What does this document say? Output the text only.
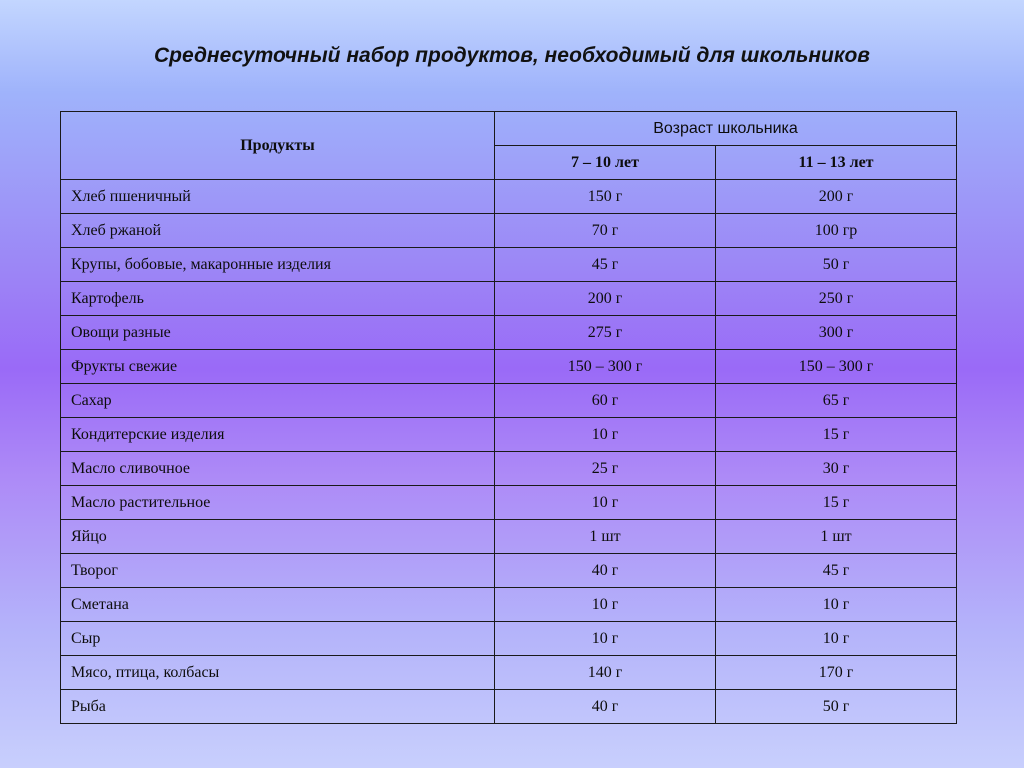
Среднесуточный набор продуктов, необходимый для школьников
Продукты	Возраст школьника	
	7 – 10 лет	11 – 13 лет
Хлеб пшеничный	150 г	200 г
Хлеб ржаной	70 г	100 гр
Крупы, бобовые, макаронные изделия	45 г	50 г
Картофель	200 г	250 г
Овощи разные	275 г	300 г
Фрукты свежие	150 – 300 г	150 – 300 г
Сахар	60 г	65 г
Кондитерские изделия	10 г	15 г
Масло сливочное	25 г	30 г
Масло растительное	10 г	15 г
Яйцо	1 шт	1 шт
Творог	40 г	45 г
Сметана	10 г	10 г
Сыр	10 г	10 г
Мясо, птица, колбасы	140 г	170 г
Рыба	40 г	50 г
